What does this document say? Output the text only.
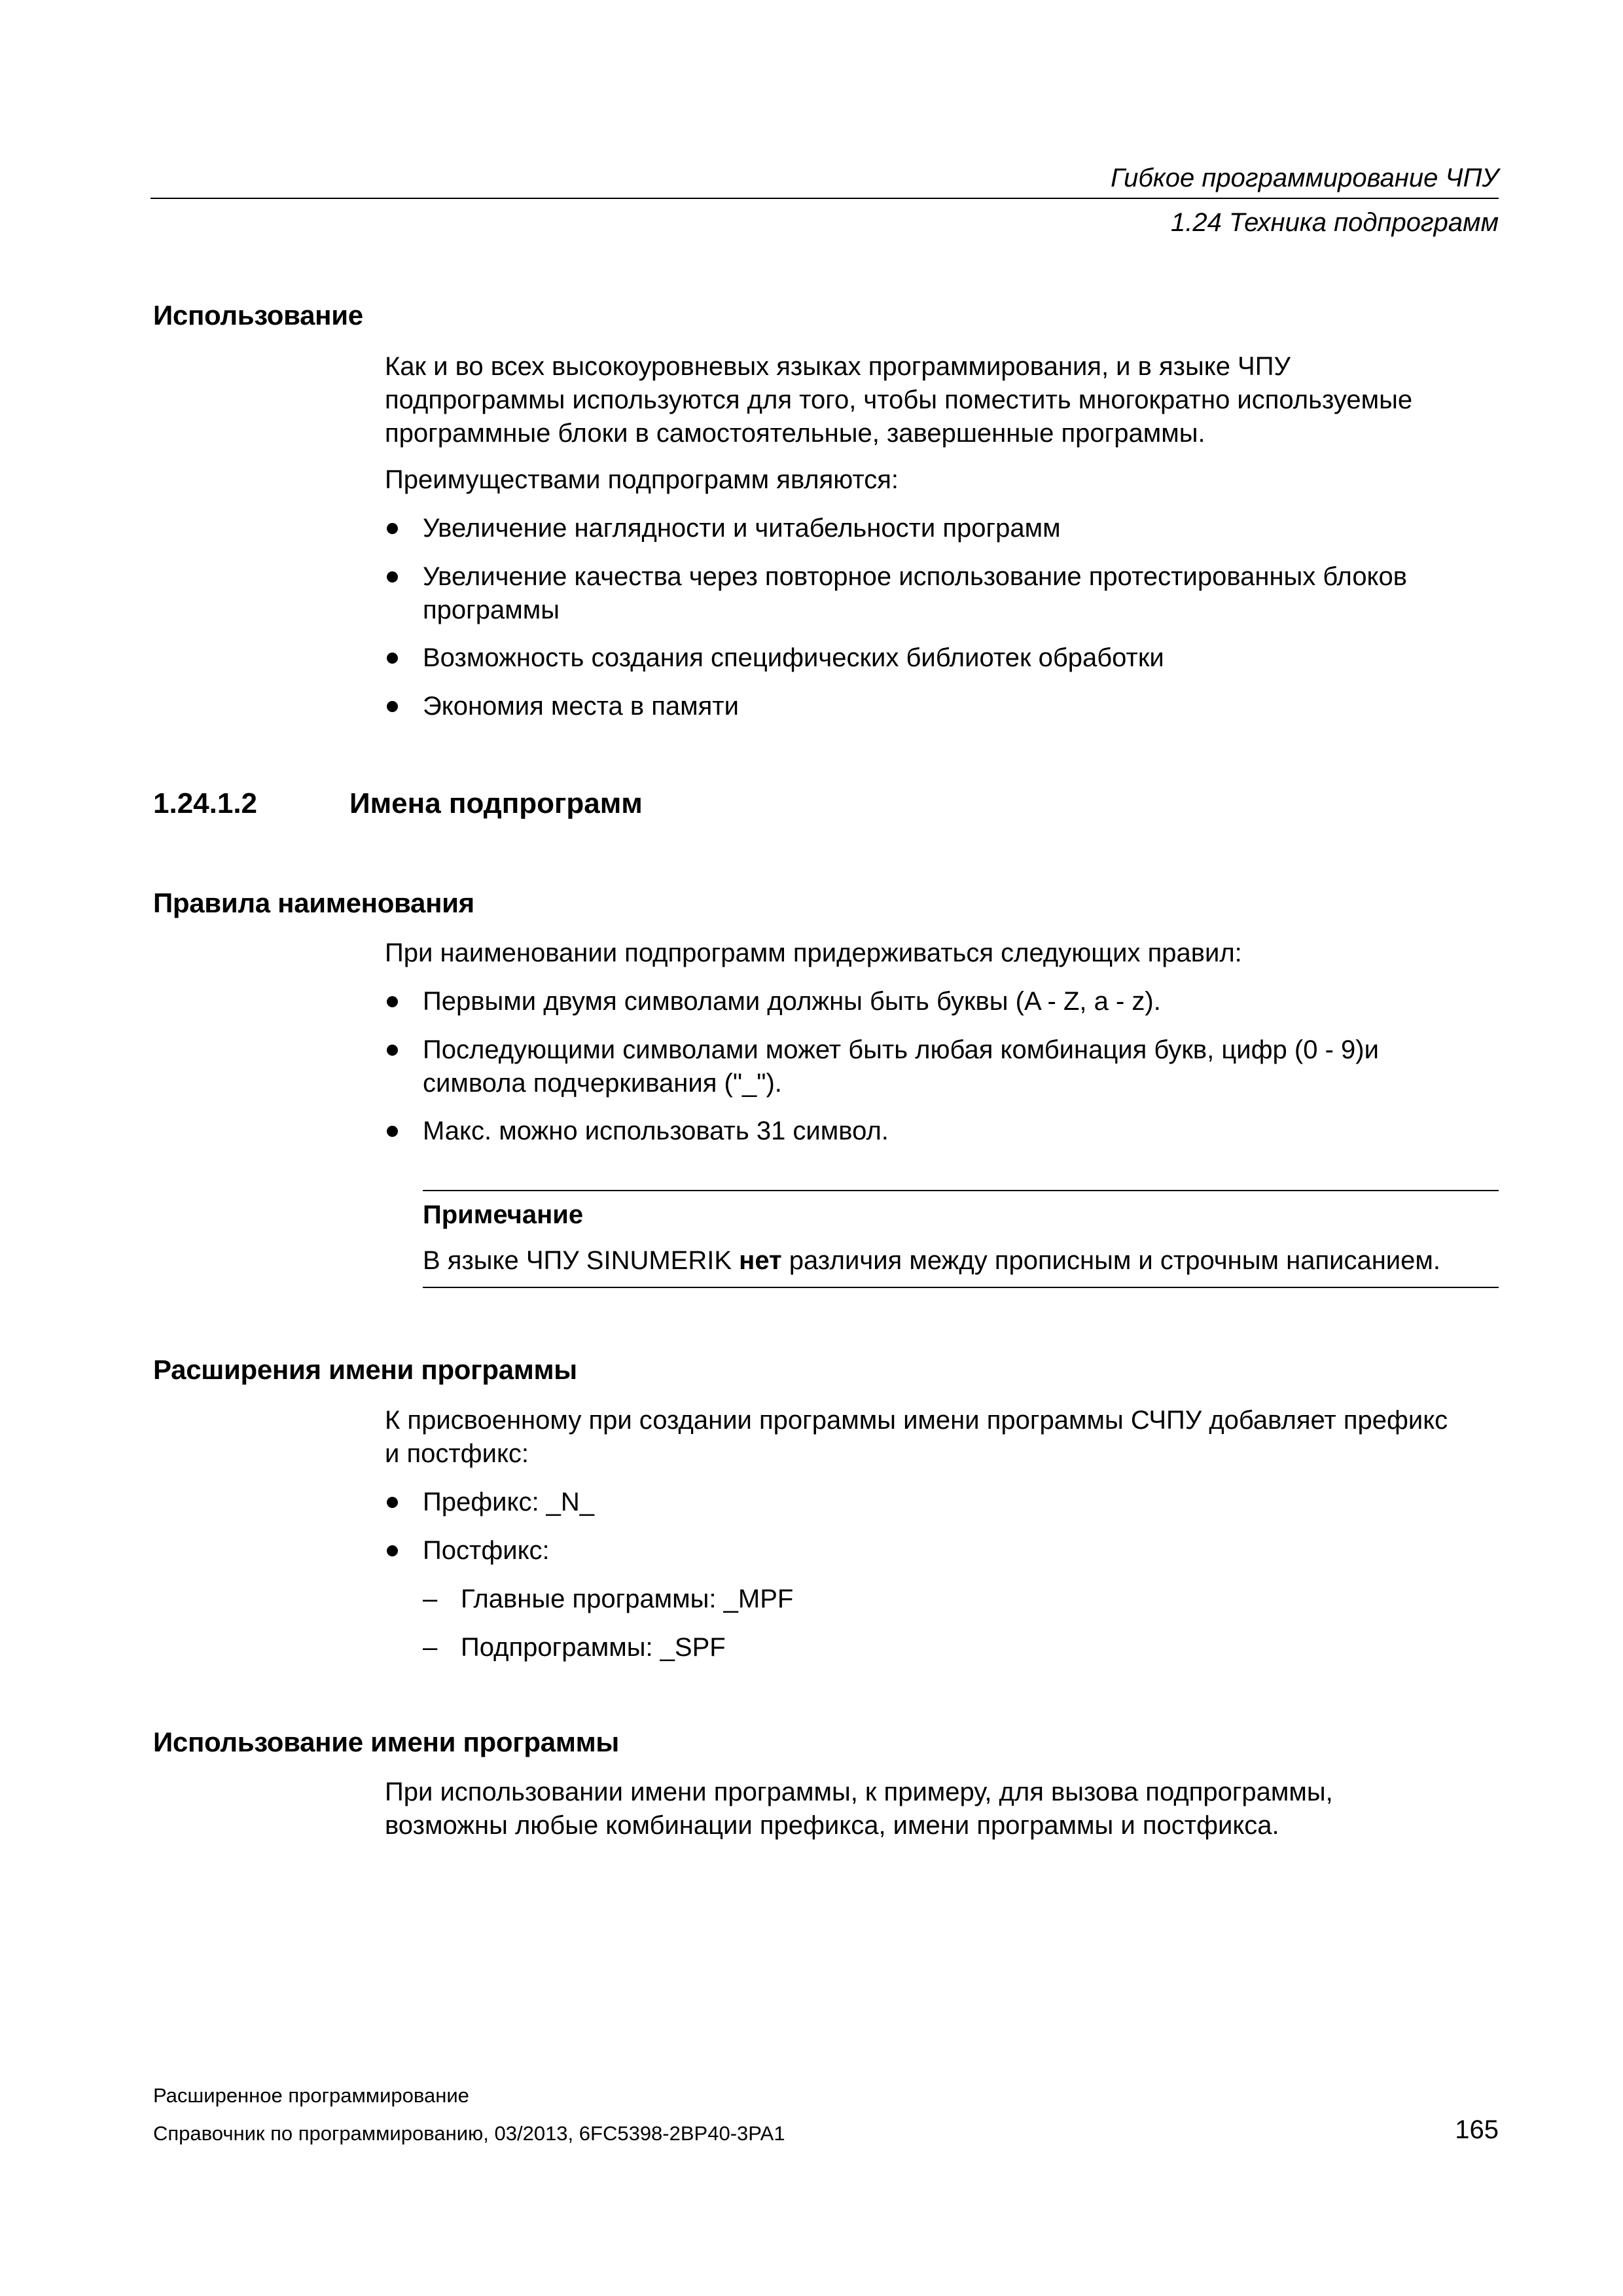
Гибкое программирование ЧПУ
1.24 Техника подпрограмм
Использование
Как и во всех высокоуровневых языках программирования, и в языке ЧПУ
подпрограммы используются для того, чтобы поместить многократно используемые
программные блоки в самостоятельные, завершенные программы.
Преимуществами подпрограмм являются:
Увеличение наглядности и читабельности программ
Увеличение качества через повторное использование протестированных блоков
программы
Возможность создания специфических библиотек обработки
Экономия места в памяти
1.24.1.2	Имена подпрограмм
Правила наименования
При наименовании подпрограмм придерживаться следующих правил:
Первыми двумя символами должны быть буквы (A - Z, a - z).
Последующими символами может быть любая комбинация букв, цифр (0 - 9)и
символа подчеркивания ("_").
Макс. можно использовать 31 символ.
Примечание
В языке ЧПУ SINUMERIK нет различия между прописным и строчным написанием.
Расширения имени программы
К присвоенному при создании программы имени программы СЧПУ добавляет префикс
и постфикс:
Префикс: _N_
Постфикс:
– Главные программы: _MPF
– Подпрограммы: _SPF
Использование имени программы
При использовании имени программы, к примеру, для вызова подпрограммы,
возможны любые комбинации префикса, имени программы и постфикса.
Расширенное программирование
Справочник по программированию, 03/2013, 6FC5398-2BP40-3PA1	165
